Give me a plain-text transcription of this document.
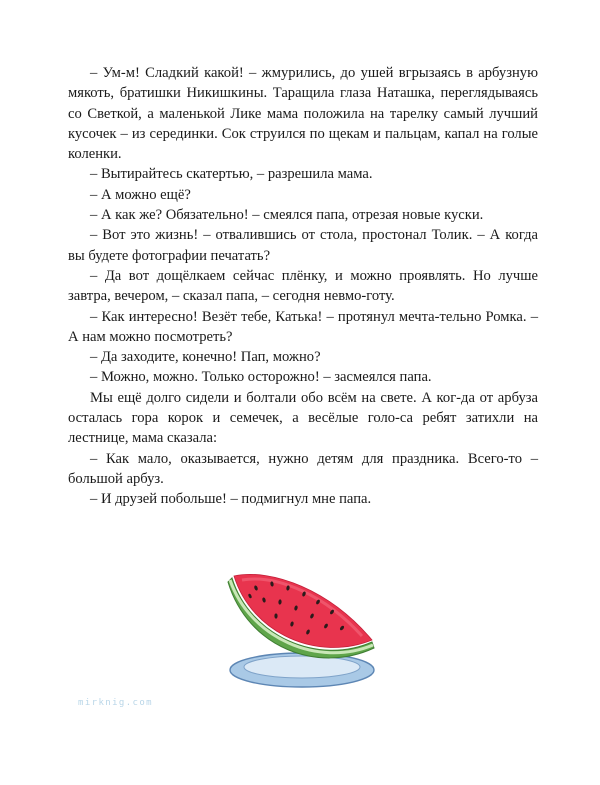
– Ум-м! Сладкий какой! – жмурились, до ушей вгрызаясь в арбузную мякоть, братишки Никишкины. Таращила глаза Наташка, переглядываясь со Светкой, а маленькой Лике мама положила на тарелку самый лучший кусочек – из серединки. Сок струился по щекам и пальцам, капал на голые коленки.

– Вытирайтесь скатертью, – разрешила мама.

– А можно ещё?

– А как же? Обязательно! – смеялся папа, отрезая новые куски.

– Вот это жизнь! – отвалившись от стола, простонал Толик. – А когда вы будете фотографии печатать?

– Да вот дощёлкаем сейчас плёнку, и можно проявлять. Но лучше завтра, вечером, – сказал папа, – сегодня невмо-готу.

– Как интересно! Везёт тебе, Катька! – протянул мечта-тельно Ромка. – А нам можно посмотреть?

– Да заходите, конечно! Пап, можно?

– Можно, можно. Только осторожно! – засмеялся папа.

Мы ещё долго сидели и болтали обо всём на свете. А ког-да от арбуза осталась гора корок и семечек, а весёлые голо-са ребят затихли на лестнице, мама сказала:

– Как мало, оказывается, нужно детям для праздника. Всего-то – большой арбуз.

– И друзей побольше! – подмигнул мне папа.

mirknig.com
